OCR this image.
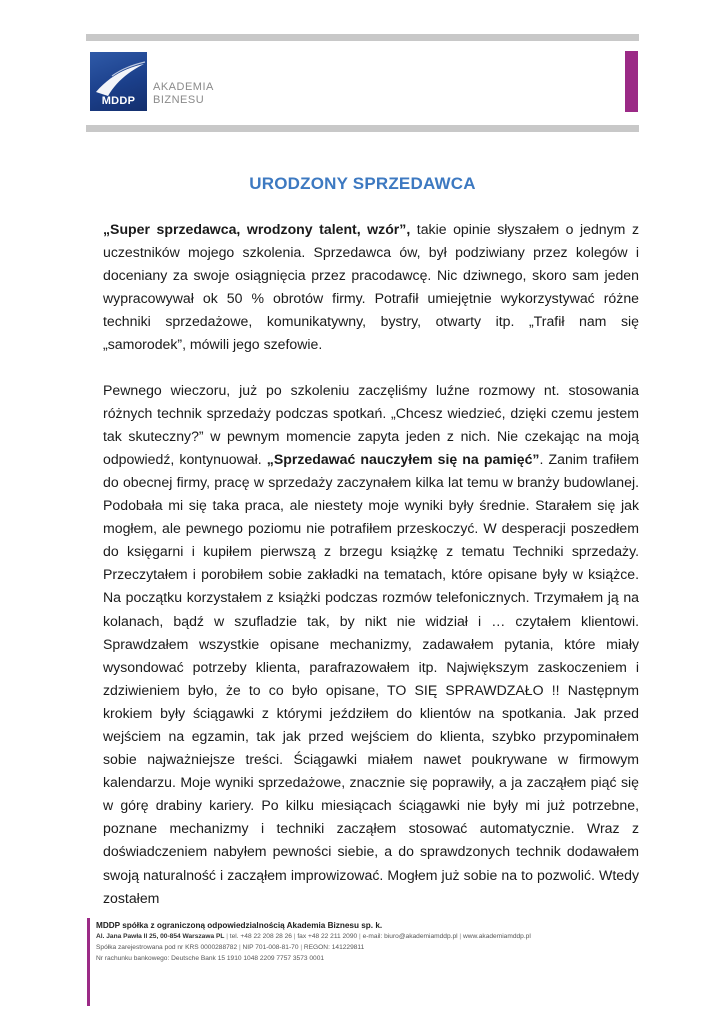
MDDP
AKADEMIA
BIZNESU
URODZONY SPRZEDAWCA

„Super sprzedawca, wrodzony talent, wzór”, takie opinie słyszałem o jednym z uczestników mojego szkolenia. Sprzedawca ów, był podziwiany przez kolegów i doceniany za swoje osiągnięcia przez pracodawcę. Nic dziwnego, skoro sam jeden wypracowywał ok 50 % obrotów firmy. Potrafił umiejętnie wykorzystywać różne techniki sprzedażowe, komunikatywny, bystry, otwarty itp. „Trafił nam się „samorodek”, mówili jego szefowie.

Pewnego wieczoru, już po szkoleniu zaczęliśmy luźne rozmowy nt. stosowania różnych technik sprzedaży podczas spotkań. „Chcesz wiedzieć, dzięki czemu jestem tak skuteczny?” w pewnym momencie zapyta jeden z nich. Nie czekając na moją odpowiedź, kontynuował. „Sprzedawać nauczyłem się na pamięć”. Zanim trafiłem do obecnej firmy, pracę w sprzedaży zaczynałem kilka lat temu w branży budowlanej. Podobała mi się taka praca, ale niestety moje wyniki były średnie. Starałem się jak mogłem, ale pewnego poziomu nie potrafiłem przeskoczyć. W desperacji poszedłem do księgarni i kupiłem pierwszą z brzegu książkę z tematu Techniki sprzedaży. Przeczytałem i porobiłem sobie zakładki na tematach, które opisane były w książce. Na początku korzystałem z książki podczas rozmów telefonicznych. Trzymałem ją na kolanach, bądź w szufladzie tak, by nikt nie widział i … czytałem klientowi. Sprawdzałem wszystkie opisane mechanizmy, zadawałem pytania, które miały wysondować potrzeby klienta, parafrazowałem itp. Największym zaskoczeniem i zdziwieniem było, że to co było opisane, TO SIĘ SPRAWDZAŁO !! Następnym krokiem były ściągawki z którymi jeździłem do klientów na spotkania. Jak przed wejściem na egzamin, tak jak przed wejściem do klienta, szybko przypominałem sobie najważniejsze treści. Ściągawki miałem nawet poukrywane w firmowym kalendarzu. Moje wyniki sprzedażowe, znacznie się poprawiły, a ja zacząłem piąć się w górę drabiny kariery. Po kilku miesiącach ściągawki nie były mi już potrzebne, poznane mechanizmy i techniki zacząłem stosować automatycznie. Wraz z doświadczeniem nabyłem pewności siebie, a do sprawdzonych technik dodawałem swoją naturalność i zacząłem improwizować. Mogłem już sobie na to pozwolić. Wtedy zostałem

MDDP spółka z ograniczoną odpowiedzialnością Akademia Biznesu sp. k.
Al. Jana Pawła II 25, 00-854 Warszawa PL | tel. +48 22 208 28 26 | fax +48 22 211 2090 | e-mail: biuro@akademiamddp.pl | www.akademiamddp.pl
Spółka zarejestrowana pod nr KRS 0000288782 | NIP 701-008-81-70 | REGON: 141229811
Nr rachunku bankowego: Deutsche Bank 15 1910 1048 2209 7757 3573 0001
